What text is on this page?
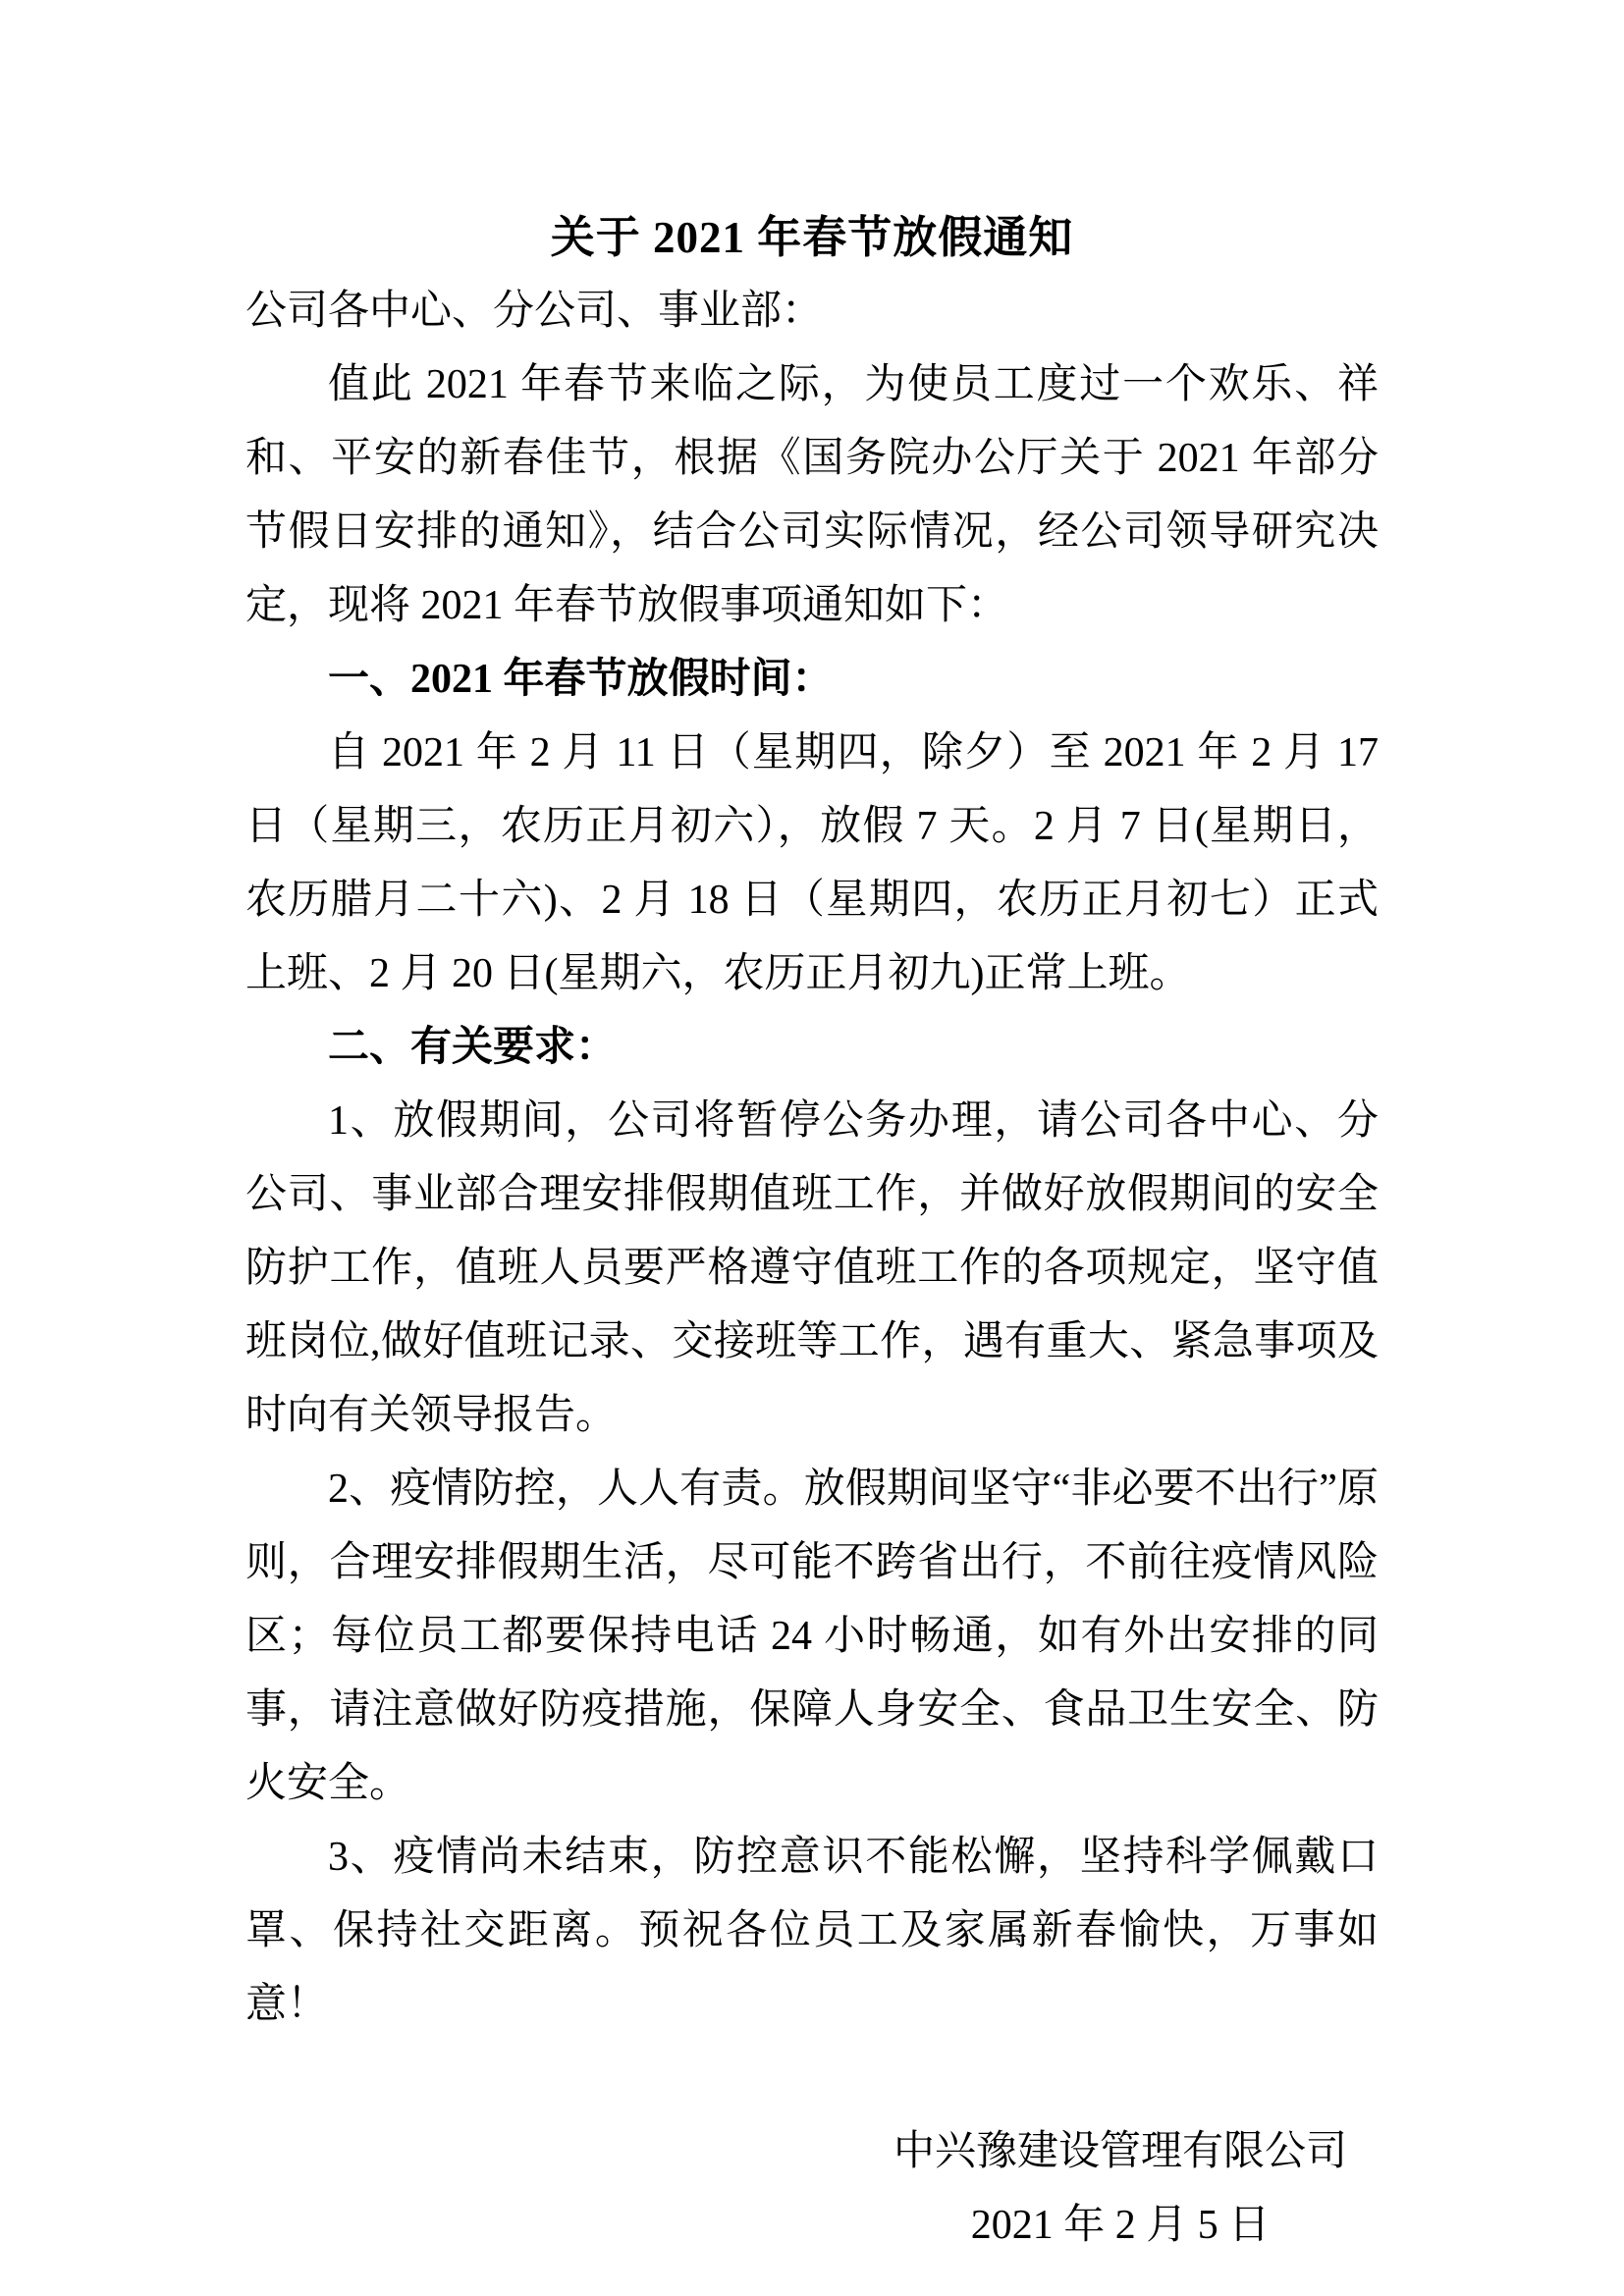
关于 2021 年春节放假通知
公司各中心、分公司、事业部：

值此 2021 年春节来临之际，为使员工度过一个欢乐、祥和、平安的新春佳节，根据《国务院办公厅关于 2021 年部分节假日安排的通知》，结合公司实际情况，经公司领导研究决定，现将 2021 年春节放假事项通知如下：

一、2021 年春节放假时间：

自 2021 年 2 月 11 日（星期四，除夕）至 2021 年 2 月 17 日（星期三，农历正月初六），放假 7 天。2 月 7 日(星期日，农历腊月二十六)、2 月 18 日（星期四，农历正月初七）正式上班、2 月 20 日(星期六，农历正月初九)正常上班。

二、有关要求：

1、放假期间，公司将暂停公务办理，请公司各中心、分公司、事业部合理安排假期值班工作，并做好放假期间的安全防护工作，值班人员要严格遵守值班工作的各项规定，坚守值班岗位,做好值班记录、交接班等工作，遇有重大、紧急事项及时向有关领导报告。

2、疫情防控，人人有责。放假期间坚守“非必要不出行”原则，合理安排假期生活，尽可能不跨省出行，不前往疫情风险区；每位员工都要保持电话 24 小时畅通，如有外出安排的同事，请注意做好防疫措施，保障人身安全、食品卫生安全、防火安全。

3、疫情尚未结束，防控意识不能松懈，坚持科学佩戴口罩、保持社交距离。预祝各位员工及家属新春愉快，万事如意！

中兴豫建设管理有限公司
2021 年 2 月 5 日
